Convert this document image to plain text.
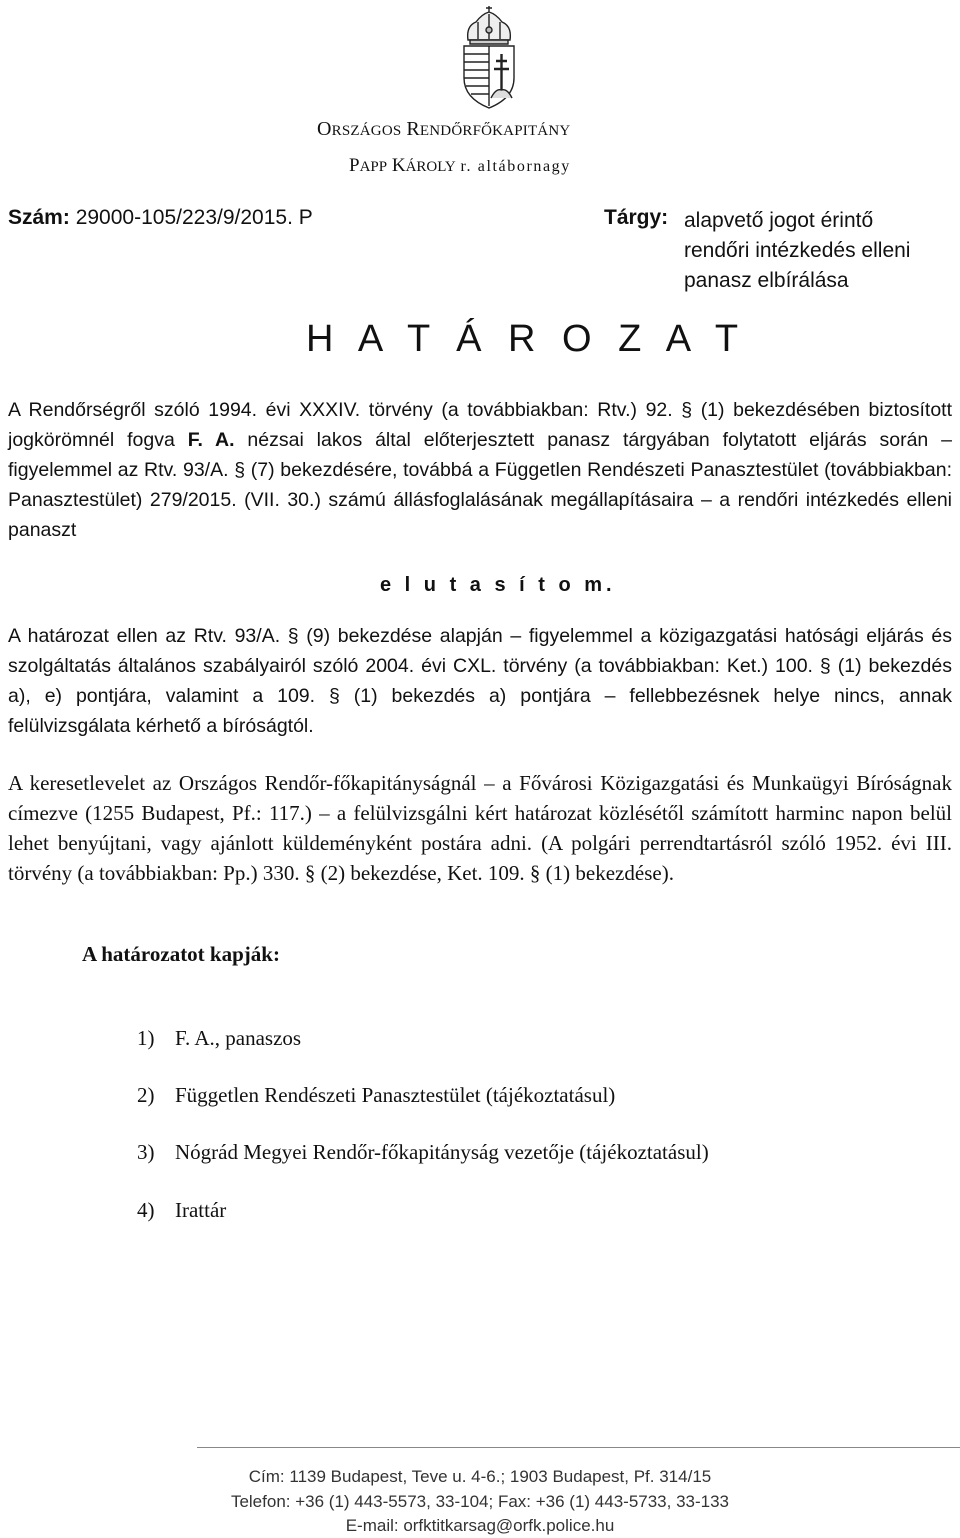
ORSZÁGOS RENDŐRFŐKAPITÁNY
PAPP KÁROLY r. altábornagy
Szám: 29000-105/223/9/2015. P	Tárgy: alapvető jogot érintő
rendőri intézkedés elleni
panasz elbírálása
H A T Á R O Z A T
A Rendőrségről szóló 1994. évi XXXIV. törvény (a továbbiakban: Rtv.) 92. § (1) bekezdésében biztosított jogkörömnél fogva F. A. nézsai lakos által előterjesztett panasz tárgyában folytatott eljárás során – figyelemmel az Rtv. 93/A. § (7) bekezdésére, továbbá a Független Rendészeti Panasztestület (továbbiakban: Panasztestület) 279/2015. (VII. 30.) számú állásfoglalásának megállapításaira – a rendőri intézkedés elleni panaszt
e l u t a s í t o m.
A határozat ellen az Rtv. 93/A. § (9) bekezdése alapján – figyelemmel a közigazgatási hatósági eljárás és szolgáltatás általános szabályairól szóló 2004. évi CXL. törvény (a továbbiakban: Ket.) 100. § (1) bekezdés a), e) pontjára, valamint a 109. § (1) bekezdés a) pontjára – fellebbezésnek helye nincs, annak felülvizsgálata kérhető a bíróságtól.
A keresetlevelet az Országos Rendőr-főkapitányságnál – a Fővárosi Közigazgatási és Munkaügyi Bíróságnak címezve (1255 Budapest, Pf.: 117.) – a felülvizsgálni kért határozat közlésétől számított harminc napon belül lehet benyújtani, vagy ajánlott küldeményként postára adni. (A polgári perrendtartásról szóló 1952. évi III. törvény (a továbbiakban: Pp.) 330. § (2) bekezdése, Ket. 109. § (1) bekezdése).
A határozatot kapják:
1) F. A., panaszos
2) Független Rendészeti Panasztestület (tájékoztatásul)
3) Nógrád Megyei Rendőr-főkapitányság vezetője (tájékoztatásul)
4) Irattár
Cím: 1139 Budapest, Teve u. 4-6.; 1903 Budapest, Pf. 314/15
Telefon: +36 (1) 443-5573, 33-104; Fax: +36 (1) 443-5733, 33-133
E-mail: orfktitkarsag@orfk.police.hu
